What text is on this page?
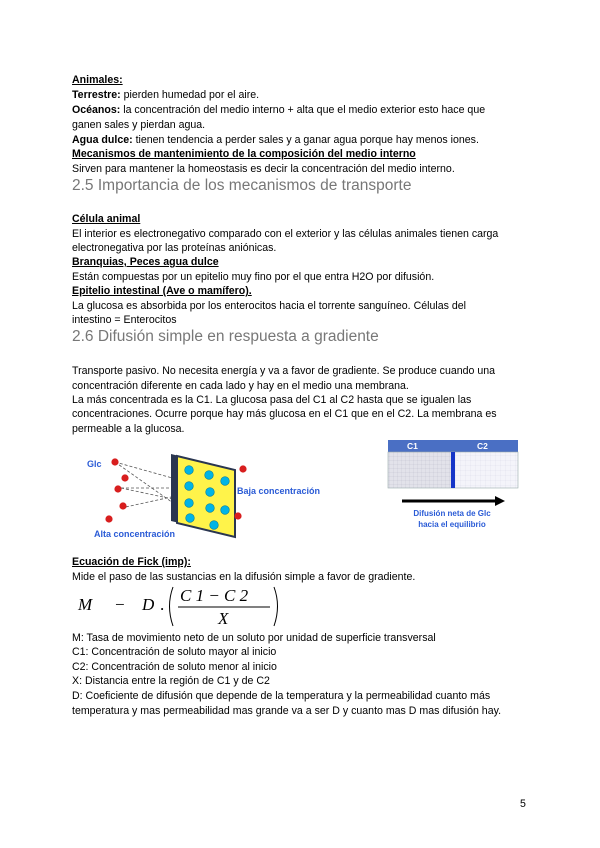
Animales:
Terrestre: pierden humedad por el aire.
Océanos: la concentración del medio interno + alta que el medio exterior esto hace que
ganen sales y pierdan agua.
Agua dulce: tienen tendencia a perder sales y a ganar agua porque hay menos iones.
Mecanismos de mantenimiento de la composición del medio interno
Sirven para mantener la homeostasis es decir la concentración del medio interno.
2.5 Importancia de los mecanismos de transporte
Célula animal
El interior es electronegativo comparado con el exterior y las células animales tienen carga
electronegativa por las proteínas aniónicas.
Branquias, Peces agua dulce
Están compuestas por un epitelio muy fino por el que entra H2O por difusión.
Epitelio intestinal (Ave o mamífero).
La glucosa es absorbida por los enterocitos hacia el torrente sanguíneo. Células del
intestino = Enterocitos
2.6 Difusión simple en respuesta a gradiente
Transporte pasivo. No necesita energía y va a favor de gradiente. Se produce cuando una
concentración diferente en cada lado y hay en el medio una membrana.
La más concentrada es la C1. La glucosa pasa del C1 al C2 hasta que se igualen las
concentraciones. Ocurre porque hay más glucosa en el C1 que en el C2. La membrana es
permeable a la glucosa.
Glc
Baja concentración
Alta concentración
C1	C2
Difusión neta de Glc
hacia el equilibrio
Ecuación de Fick (imp):
Mide el paso de las sustancias en la difusión simple a favor de gradiente.
M − D . C 1 − C 2
X
M: Tasa de movimiento neto de un soluto por unidad de superficie transversal
C1: Concentración de soluto mayor al inicio
C2: Concentración de soluto menor al inicio
X: Distancia entre la región de C1 y de C2
D: Coeficiente de difusión que depende de la temperatura y la permeabilidad cuanto más
temperatura y mas permeabilidad mas grande va a ser D y cuanto mas D mas difusión hay.
5
